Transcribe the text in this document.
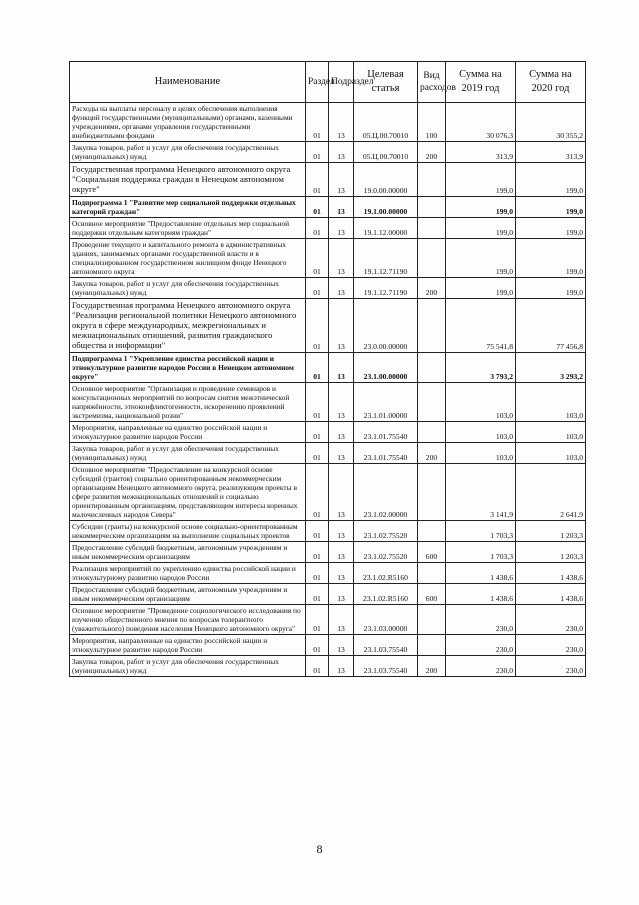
Наименование	Раздел	Подраздел	Целевая статья	Вид расходов	Сумма на 2019 год	Сумма на 2020 год
Расходы на выплаты персоналу в целях обеспечения выполнения функций государственными (муниципальными) органами, казенными учреждениями, органами управления государственными внебюджетными фондами	01	13	05.Ц.00.70010	100	30 076,3	30 355,2
Закупка товаров, работ и услуг для обеспечения государственных (муниципальных) нужд	01	13	05.Ц.00.70010	200	313,9	313,9
Государственная программа Ненецкого автономного округа "Социальная поддержка граждан в Ненецком автономном округе"	01	13	19.0.00.00000		199,0	199,0
Подпрограмма 1 "Развитие мер социальной поддержки отдельных категорий граждан"	01	13	19.1.00.00000		199,0	199,0
Основное мероприятие "Предоставление отдельных мер социальной поддержки отдельным категориям граждан"	01	13	19.1.12.00000		199,0	199,0
Проведение текущего и капитального ремонта в административных зданиях, занимаемых органами государственной власти и в специализированном государственном жилищном фонде Ненецкого автономного округа	01	13	19.1.12.71190		199,0	199,0
Закупка товаров, работ и услуг для обеспечения государственных (муниципальных) нужд	01	13	19.1.12.71190	200	199,0	199,0
Государственная программа Ненецкого автономного округа "Реализация региональной политики Ненецкого автономного округа в сфере международных, межрегиональных и межнациональных отношений, развития гражданского общества и информации"	01	13	23.0.00.00000		75 541,8	77 456,8
Подпрограмма 1 "Укрепление единства российской нации и этнокультурное развитие народов России в Ненецком автономном округе"	01	13	23.1.00.00000		3 793,2	3 293,2
Основное мероприятие "Организация и проведение семинаров и консультационных мероприятий по вопросам снятия межэтнической напряжённости, этноконфликтогенности, искоренению проявлений экстремизма, национальной розни"	01	13	23.1.01.00000		103,0	103,0
Мероприятия, направленные на единство российской нации и этнокультурное развитие народов России	01	13	23.1.01.75540		103,0	103,0
Закупка товаров, работ и услуг для обеспечения государственных (муниципальных) нужд	01	13	23.1.01.75540	200	103,0	103,0
Основное мероприятие "Предоставление на конкурсной основе субсидий (грантов) социально ориентированным некоммерческим организациям Ненецкого автономного округа, реализующим проекты в сфере развития межнациональных отношений и социально ориентированным организациям, представляющим интересы коренных малочисленных народов Севера"	01	13	23.1.02.00000		3 141,9	2 641,9
Субсидии (гранты) на конкурсной основе социально-ориентированным некоммерческим организациям на выполнение социальных проектов	01	13	23.1.02.75520		1 703,3	1 203,3
Предоставление субсидий бюджетным, автономным учреждениям и иным некоммерческим организациям	01	13	23.1.02.75520	600	1 703,3	1 203,3
Реализация мероприятий по укреплению единства российской нации и этнокультурному развитию народов России	01	13	23.1.02.R5160		1 438,6	1 438,6
Предоставление субсидий бюджетным, автономным учреждениям и иным некоммерческим организациям	01	13	23.1.02.R5160	600	1 438,6	1 438,6
Основное мероприятие "Проведение социологического исследования по изучению общественного мнения по вопросам толерантного (уважительного) поведения населения Ненецкого автономного округа"	01	13	23.1.03.00000		230,0	230,0
Мероприятия, направленные на единство российской нации и этнокультурное развитие народов России	01	13	23.1.03.75540		230,0	230,0
Закупка товаров, работ и услуг для обеспечения государственных (муниципальных) нужд	01	13	23.1.03.75540	200	230,0	230,0
8
